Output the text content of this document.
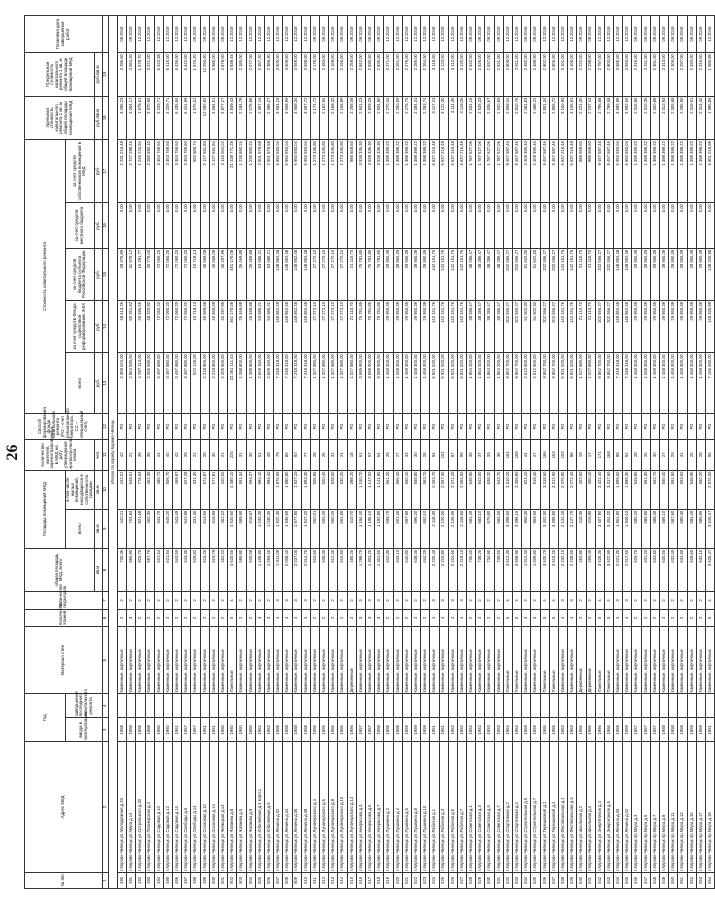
26
№ п/п	Адрес МКД	Год		Материал стен	Количество этажей	Количество подъездов	общая площадь МКД, всего	Площадь помещений МКД		Количество жителей, зарегистрированных в МКД на дату утверждения краткосрочного плана	Способ формирования фонда капитального ремонта (РО – счет регионального оператора, СС – специальный счет)	Стоимость капитального ремонта					Удельная стоимость капитального ремонта 1 кв. м общей площади помещений МКД	Предельная стоимость капитального ремонта 1 кв. м общей площади помещений МКД	Плановая дата завершения работ
		ввода в эксплуатацию	завершения последнего капитального ремонта					всего	в том числе жилых помещений, находящихся в собственности граждан			всего	за счет средств Фонда содействия реформированию ЖКХ	за счет средств бюджета субъекта Российской Федерации	за счет средств местного бюджета	за счет средств собственников помещений в МКД			
							кв.м	кв.м	кв.м	чел.		руб.	руб.	руб.	руб.	руб.	руб./кв.м	руб./кв.м	
1	2	3	4	5	6	7	8	9	10	11	12	13	14	15	16	17	18	19	
Итого по городу Кирово-Чепецк																			
490	г.Кирово-Чепецк ул.Молодежная д.33	1958		Каменные, кирпичные	2	2	730,36	442,01	442,01	42	РО	2 359 024,00	48 413,26	28 375,89	0,00	2 231 215,48	3 296,23	3 296,50	09.2019
491	г.Кирово-Чепецк ул.Мира д.14	1958		Каменные, кирпичные	3	2	866,90	704,84	648,61	21	РО	2 864 530,00	55 261,92	31 970,12	0,00	2 727 298,46	4 064,17	4 064,20	09.2019
492	г.Кирово-Чепецк ул.Островского д.20	1958		Каменные, кирпичные	2	2	825,70	821,68	776,63	39	РО	1 297 113,00	26 596,66	16 291,77	0,00	1 245 224,94	1 578,61	1 578,70	12.2019
493	г.Кирово-Чепецк ул.Пионерская д.4	1958		Каменные, кирпичные	2	2	597,75	462,35	462,35	35	РО	2 355 690,00	48 320,90	26 779,00	0,00	2 280 590,10	3 370,96	3 371,00	12.2019
494	г.Кирово-Чепецк ул.Садовая д.10	1960		Каменные, кирпичные	2	2	621,54	544,70	486,72	44	РО	3 497 880,00	72 060,20	72 060,20	0,00	3 353 759,60	4 229,71	6 422,38	12.2019
495	г.Кирово-Чепецк ул.Садовая д.12	1960		Каменные, кирпичные	2	2	621,54	545,20	506,70	40	РО	3 497 880,00	72 060,20	72 060,20	0,00	3 353 759,60	4 229,71	6 415,00	12.2019
496	г.Кирово-Чепецк ул.Садовая д.14	1961		Каменные, кирпичные	2	2	543,50	543,49	469,97	42	РО	3 497 880,00	72 060,20	72 060,20	0,00	3 353 759,60	6 435,84	6 436,00	12.2019
497	г.Кирово-Чепецк ул.Свободы д.6	1957		Каменные, кирпичные	2	2	543,30	542,98	527,28	29	РО	3 497 880,00	72 060,20	72 060,20	0,00	3 353 759,60	6 441,99	6 442,00	12.2019
498	г.Кирово-Чепецк ул.Свободы д.14	1957		Каменные, кирпичные	2	2	528,82	331,30	331,30	21	РО	522 126,00	10 718,13	10 718,13	0,00	500 689,74	1 576,01	1 576,20	09.2019
499	г.Кирово-Чепецк ул.Сосновая д.10	1961		Каменные, кирпичные	2	2	616,26	613,60	574,87	25	РО	2 218 800,00	45 569,08	45 569,08	0,00	2 127 661,84	12 092,82	12 093,00	09.2019
500	г.Кирово-Чепецк ул.Сосновая д.14	1961		Каменные, кирпичные	2	2	619,79	618,99	577,81	30	РО	2 218 800,00	45 569,08	45 569,08	0,00	2 127 661,84	3 584,51	3 585,00	09.2019
501	г.Кирово-Чепецк ул.Чепецкая д.14	1960		Каменные, кирпичные	2	2	452,22	452,22	420,00	21	РО	2 205 600,00	45 297,99	45 297,99	0,00	2 115 004,02	4 877,27	4 878,00	09.2019
502	г.Кирово-Чепецк ул.Чапаева д.8	1960		Панельные	5	4	4 620,60	4 620,60	4 480,10	225	РО	22 361 111,44	461 170,08	461 170,08	0,00	21 438 771,28	4 839,43	4 839,45	12.2019
503	г.Кирово-Чепецк ул.Чапаева д.5	1960		Каменные, кирпичные	2	2	589,90	589,90	551,34	31	РО	1 288 800,00	26 469,88	26 469,88	0,00	1 235 860,24	2 184,78	2 185,00	12.2019
504	г.Кирово-Чепецк ул.Чапаева д.9	1960		Каменные, кирпичные	2	2	620,58	618,97	594,37	30	РО	1 288 800,00	26 469,88	26 469,88	0,00	1 235 860,24	2 076,86	2 077,00	12.2019
505	г.Кирово-Чепецк ул.Юбилейная д.4 корп.1	1962		Каменные, кирпичные	3	2	1 106,90	1 032,30	994,10	51	РО	2 609 150,00	53 585,21	53 585,21	0,00	2 501 979,58	2 357,16	2 357,20	12.2019
506	г.Кирово-Чепецк ул.Юбилейная д.6	1962		Каменные, кирпичные	3	2	1 093,40	1 030,30	994,40	48	РО	2 609 150,00	53 585,21	53 585,21	0,00	2 501 979,58	2 386,27	2 386,30	12.2019
507	г.Кирово-Чепецк ул.Ленина д.32	1958		Каменные, кирпичные	4	3	2 011,08	1 922,30	1 876,95	79	РО	7 248 318,00	148 862,48	148 862,48	0,00	6 950 593,04	3 604,19	3 605,00	12.2019
508	г.Кирово-Чепецк ул.Ленина д.34	1958		Каменные, кирпичные	4	3	2 008,40	1 930,60	1 880,80	86	РО	7 248 318,00	148 862,48	148 862,48	0,00	6 950 593,04	3 608,99	3 609,00	12.2019
509	г.Кирово-Чепецк ул.Ленина д.36	1958		Каменные, кирпичные	4	3	2 037,00	1 977,80	1 927,10	92	РО	7 248 318,00	148 862,48	148 862,48	0,00	6 950 593,04	3 558,34	3 559,00	12.2019
510	г.Кирово-Чепецк ул.Ленина д.38	1958		Каменные, кирпичные	4	3	2 014,70	1 947,20	1 893,30	77	РО	7 248 318,00	148 862,48	148 862,48	0,00	6 950 593,04	3 597,72	3 598,00	12.2019
511	г.Кирово-Чепецк ул.Луначарского д.4	1955		Каменные, кирпичные	2	2	610,60	552,01	506,85	28	РО	1 327 880,00	27 272,10	27 272,10	0,00	1 273 335,80	2 174,72	2 175,00	09.2019
512	г.Кирово-Чепецк ул.Луначарского д.6	1955		Каменные, кирпичные	2	2	608,30	555,20	520,40	26	РО	1 327 880,00	27 272,10	27 272,10	0,00	1 273 335,80	2 182,94	2 183,00	09.2019
513	г.Кирово-Чепецк ул.Луначарского д.8	1956		Каменные, кирпичные	2	2	612,40	560,20	528,00	31	РО	1 327 880,00	27 272,10	27 272,10	0,00	1 273 335,80	2 168,32	2 169,00	09.2019
514	г.Кирово-Чепецк ул.Луначарского д.10	1956		Каменные, кирпичные	2	2	615,90	561,90	530,20	24	РО	1 327 880,00	27 272,10	27 272,10	0,00	1 273 335,80	2 155,99	2 156,00	09.2019
515	г.Кирово-Чепецк ул.Луначарского д.12	1956		Деревянные	2	2	455,20	410,70	398,20	18	РО	1 027 880,00	21 110,70	21 110,70	0,00	985 658,60	2 258,08	2 259,00	09.2019
516	г.Кирово-Чепецк ул.Некрасова д.3	1957		Каменные, кирпичные	3	3	1 298,70	1 194,40	1 150,70	61	РО	3 689 900,00	75 781,85	75 781,85	0,00	3 538 336,30	2 841,23	2 842,00	09.2019
517	г.Кирово-Чепецк ул.Некрасова д.5	1957		Каменные, кирпичные	3	3	1 304,20	1 196,10	1 147,50	57	РО	3 689 900,00	75 781,85	75 781,85	0,00	3 538 336,30	2 829,25	2 830,00	09.2019
518	г.Кирово-Чепецк ул.Некрасова д.7	1958		Каменные, кирпичные	3	3	1 301,60	1 192,80	1 141,90	64	РО	3 689 900,00	75 781,85	75 781,85	0,00	3 538 336,30	2 834,90	2 835,00	09.2019
519	г.Кирово-Чепецк ул.Пушкина д.2	1958		Каменные, кирпичные	2	2	642,30	598,70	561,20	29	РО	1 458 300,00	29 950,39	29 950,39	0,00	1 398 399,22	2 270,44	2 271,00	12.2019
520	г.Кирово-Чепецк ул.Пушкина д.4	1958		Каменные, кирпичные	2	2	645,10	601,30	566,40	27	РО	1 458 300,00	29 950,39	29 950,39	0,00	1 398 399,22	2 260,59	2 261,00	12.2019
521	г.Кирово-Чепецк ул.Пушкина д.6	1959		Каменные, кирпичные	2	2	640,80	597,90	560,10	33	РО	1 458 300,00	29 950,39	29 950,39	0,00	1 398 399,22	2 275,75	2 276,00	12.2019
522	г.Кирово-Чепецк ул.Пушкина д.8	1959		Каменные, кирпичные	2	2	638,40	596,20	558,80	30	РО	1 458 300,00	29 950,39	29 950,39	0,00	1 398 399,22	2 284,31	2 285,00	12.2019
523	г.Кирово-Чепецк ул.Пушкина д.10	1959		Каменные, кирпичные	2	2	644,20	600,10	563,70	28	РО	1 458 300,00	29 950,39	29 950,39	0,00	1 398 399,22	2 263,74	2 264,00	12.2019
524	г.Кирово-Чепецк ул.Рабочая д.1	1961		Каменные, кирпичные	4	3	2 220,40	2 118,30	2 063,70	94	РО	6 921 520,00	142 151,76	142 151,76	0,00	6 637 216,48	3 117,24	3 118,00	12.2019
525	г.Кирово-Чепецк ул.Рабочая д.3	1961		Каменные, кирпичные	4	3	2 216,80	2 120,50	2 067,30	101	РО	6 921 520,00	142 151,76	142 151,76	0,00	6 637 216,48	3 122,30	3 123,00	12.2019
526	г.Кирово-Чепецк ул.Рабочая д.5	1962		Каменные, кирпичные	4	3	2 224,60	2 125,90	2 071,20	97	РО	6 921 520,00	142 151,76	142 151,76	0,00	6 637 216,48	3 111,35	3 112,00	12.2019
527	г.Кирово-Чепецк ул.Рабочая д.7	1962		Каменные, кирпичные	4	3	2 219,10	2 119,60	2 064,00	99	РО	6 921 520,00	142 151,76	142 151,76	0,00	6 637 216,48	3 119,06	3 120,00	12.2019
528	г.Кирово-Чепецк ул.Советская д.1	1952		Каменные, кирпичные	2	2	736,50	681,40	640,90	35	РО	1 864 200,00	38 286,47	38 286,47	0,00	1 787 627,06	2 531,16	2 532,00	09.2019
529	г.Кирово-Чепецк ул.Советская д.3	1952		Каменные, кирпичные	2	2	738,20	683,10	642,50	37	РО	1 864 200,00	38 286,47	38 286,47	0,00	1 787 627,06	2 525,33	2 526,00	09.2019
530	г.Кирово-Чепецк ул.Советская д.5	1953		Каменные, кирпичные	2	2	734,90	679,80	638,20	33	РО	1 864 200,00	38 286,47	38 286,47	0,00	1 787 627,06	2 536,67	2 537,00	09.2019
531	г.Кирово-Чепецк ул.Советская д.7	1953		Каменные, кирпичные	2	2	739,60	684,50	643,70	36	РО	1 864 200,00	38 286,47	38 286,47	0,00	1 787 627,06	2 520,55	2 521,00	09.2019
532	г.Кирово-Чепецк ул.Спортивная д.2	1964		Панельные	5	4	3 512,30	3 398,60	3 310,20	161	РО	9 862 700,00	202 556,27	202 556,27	0,00	9 457 587,46	2 808,04	2 809,00	12.2019
533	г.Кирово-Чепецк ул.Спортивная д.4	1964		Панельные	5	4	3 508,90	3 396,10	3 305,80	158	РО	9 862 700,00	202 556,27	202 556,27	0,00	9 457 587,46	2 810,76	2 811,00	12.2019
534	г.Кирово-Чепецк ул.Строительная д.5	1959		Каменные, кирпичные	3	2	1 012,40	958,30	921,10	44	РО	2 512 600,00	51 602,30	51 602,30	0,00	2 409 395,40	2 481,83	2 482,00	09.2019
535	г.Кирово-Чепецк ул.Строительная д.7	1959		Каменные, кирпичные	3	2	1 009,80	955,60	918,40	47	РО	2 512 600,00	51 602,30	51 602,30	0,00	2 409 395,40	2 488,22	2 489,00	09.2019
536	г.Кирово-Чепецк ул.Терешковой д.2	1965		Панельные	5	4	3 520,70	3 402,50	3 318,60	166	РО	9 862 700,00	202 556,27	202 556,27	0,00	9 457 587,46	2 801,34	2 802,00	12.2019
537	г.Кирово-Чепецк ул.Терешковой д.4	1965		Панельные	5	4	3 515,20	3 399,80	3 312,90	163	РО	9 862 700,00	202 556,27	202 556,27	0,00	9 457 587,46	2 805,72	2 806,00	12.2019
538	г.Кирово-Чепецк ул.Фестивальная д.1	1963		Каменные, кирпичные	4	3	2 232,10	2 131,40	2 075,80	103	РО	6 921 520,00	142 151,76	142 151,76	0,00	6 637 216,48	3 100,90	3 101,00	12.2019
539	г.Кирово-Чепецк ул.Фестивальная д.3	1963		Каменные, кирпичные	4	3	2 228,50	2 127,70	2 072,40	98	РО	6 921 520,00	142 151,76	142 151,76	0,00	6 637 216,48	3 105,91	3 106,00	12.2019
540	г.Кирово-Чепецк ул.Школьная д.2	1956		Деревянные	2	2	462,80	418,30	402,60	19	РО	1 027 880,00	21 110,70	21 110,70	0,00	985 658,60	2 221,00	2 222,00	09.2019
541	г.Кирово-Чепецк ул.Школьная д.4	1956		Деревянные	2	2	459,40	415,90	400,10	17	РО	1 027 880,00	21 110,70	21 110,70	0,00	985 658,60	2 237,44	2 238,00	09.2019
542	г.Кирово-Чепецк ул.Энергетиков д.3	1966		Панельные	5	4	3 526,30	3 407,90	3 321,40	171	РО	9 862 700,00	202 556,27	202 556,27	0,00	9 457 587,46	2 796,88	2 797,00	12.2019
543	г.Кирово-Чепецк ул.Энергетиков д.5	1966		Панельные	5	4	3 522,90	3 404,20	3 317,50	168	РО	9 862 700,00	202 556,27	202 556,27	0,00	9 457 587,46	2 799,58	2 800,00	12.2019
544	г.Кирово-Чепецк ул.Ленина д.40	1959		Каменные, кирпичные	4	3	2 021,30	1 951,80	1 899,60	88	РО	7 248 318,00	148 862,48	148 862,48	0,00	6 950 593,04	3 585,99	3 586,00	12.2019
545	г.Кирово-Чепецк ул.Ленина д.42	1959		Каменные, кирпичные	4	3	2 017,60	1 949,10	1 895,30	91	РО	7 248 318,00	148 862,48	148 862,48	0,00	6 950 593,04	3 592,55	3 593,00	12.2019
546	г.Кирово-Чепецк пр.Мира д.3	1957		Каменные, кирпичные	2	2	629,70	585,20	549,80	28	РО	1 458 300,00	29 950,39	29 950,39	0,00	1 398 399,22	2 315,86	2 316,00	09.2019
547	г.Кирово-Чепецк пр.Мира д.5	1957		Каменные, кирпичные	2	2	631,20	586,90	551,30	26	РО	1 458 300,00	29 950,39	29 950,39	0,00	1 398 399,22	2 310,36	2 311,00	09.2019
548	г.Кирово-Чепецк пр.Мира д.7	1957		Каменные, кирпичные	2	2	633,80	588,40	552,70	30	РО	1 458 300,00	29 950,39	29 950,39	0,00	1 398 399,22	2 300,88	2 301,00	09.2019
549	г.Кирово-Чепецк пр.Мира д.9	1958		Каменные, кирпичные	2	2	630,50	586,10	550,40	27	РО	1 458 300,00	29 950,39	29 950,39	0,00	1 398 399,22	2 312,93	2 313,00	09.2019
550	г.Кирово-Чепецк пр.Мира д.11	1958		Каменные, кирпичные	2	2	632,40	587,60	551,90	29	РО	1 458 300,00	29 950,39	29 950,39	0,00	1 398 399,22	2 305,98	2 306,00	09.2019
551	г.Кирово-Чепецк пр.Мира д.13	1958		Каменные, кирпичные	2	2	634,90	589,30	553,60	31	РО	1 458 300,00	29 950,39	29 950,39	0,00	1 398 399,22	2 296,90	2 297,00	09.2019
552	г.Кирово-Чепецк пр.Мира д.15	1959		Каменные, кирпичные	2	2	628,60	584,40	548,90	25	РО	1 458 300,00	29 950,39	29 950,39	0,00	1 398 399,22	2 319,91	2 320,00	09.2019
553	г.Кирово-Чепецк пр.Мира д.17	1959		Каменные, кирпичные	2	2	630,10	585,80	550,20	28	РО	1 458 300,00	29 950,39	29 950,39	0,00	1 398 399,22	2 314,40	2 315,00	09.2019
554	г.Кирово-Чепецк пр.Мира д.19	1961		Каменные, кирпичные	5	4	3 625,47	3 625,47	2 875,00	95	РО	7 156 690,00	148 320,98	148 320,98	0,00	6 901 018,98	1 985,86	1 985,86	12.2019
